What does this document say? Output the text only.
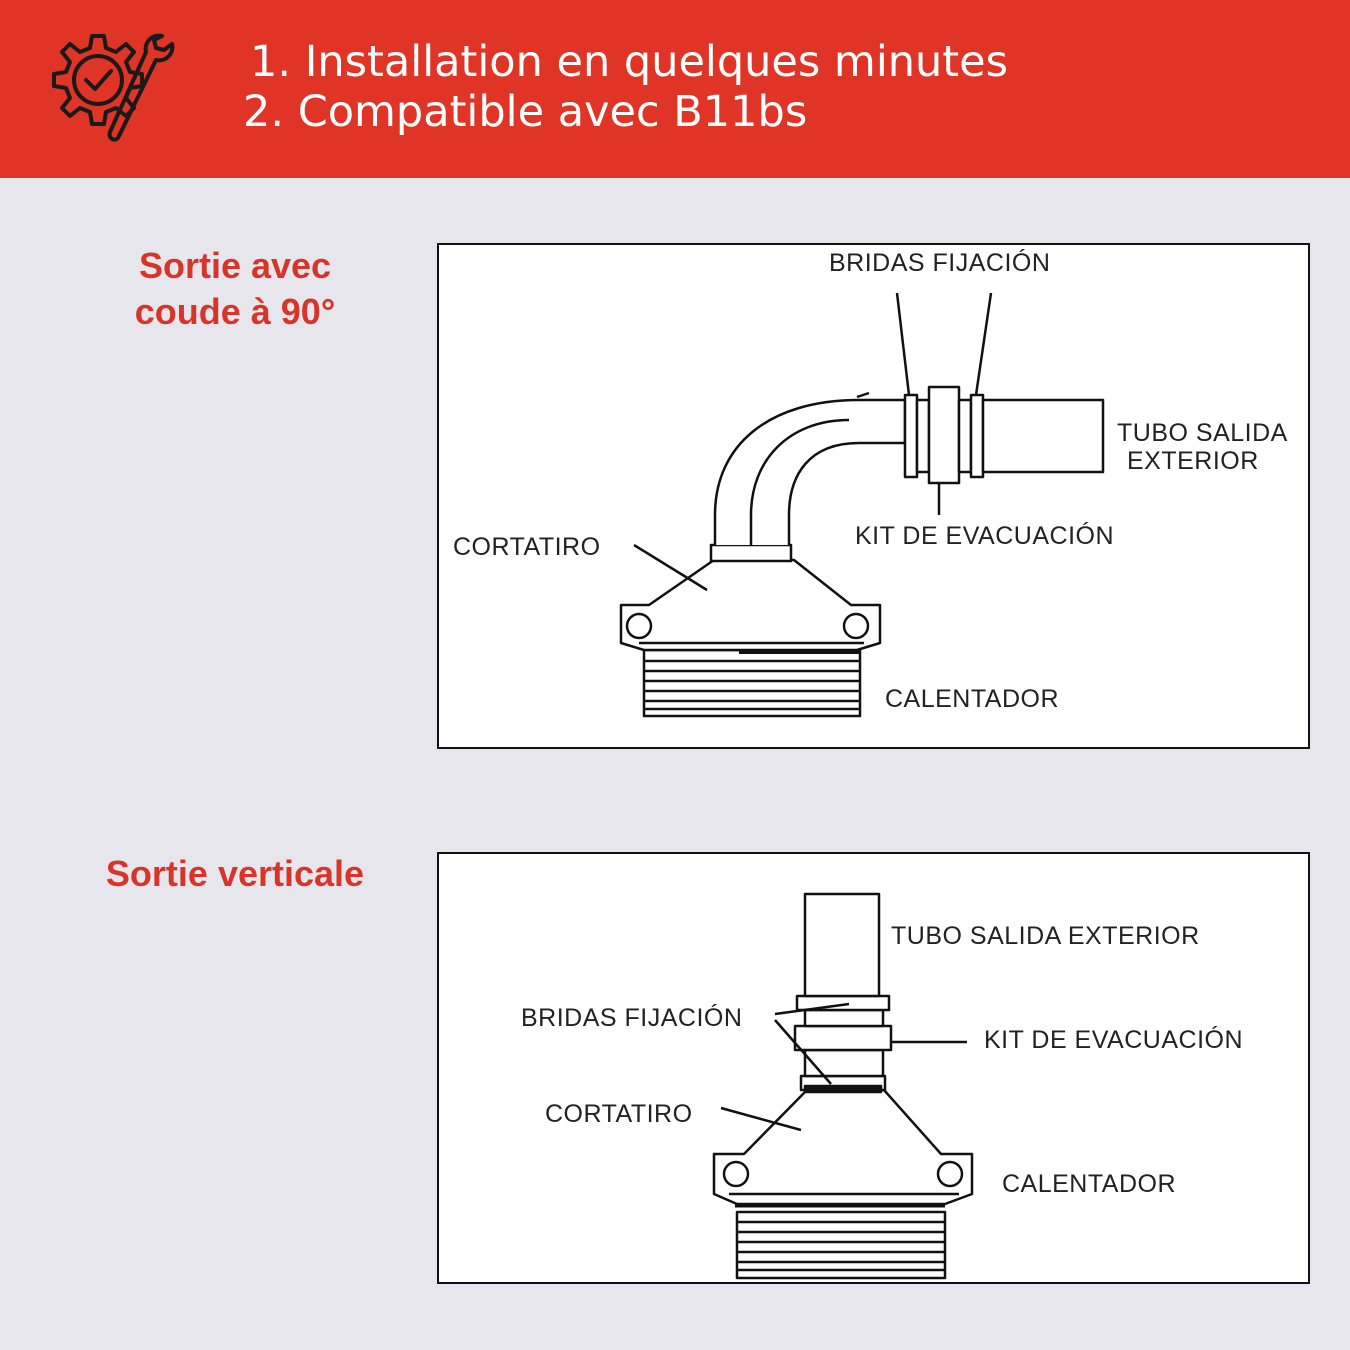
1. Installation en quelques minutes
2. Compatible avec B11bs
Sortie avec
coude à 90°
BRIDAS FIJACIÓN
TUBO SALIDA
EXTERIOR
KIT DE EVACUACIÓN
CORTATIRO
CALENTADOR
Sortie verticale
TUBO SALIDA EXTERIOR
BRIDAS FIJACIÓN
KIT DE EVACUACIÓN
CORTATIRO
CALENTADOR
